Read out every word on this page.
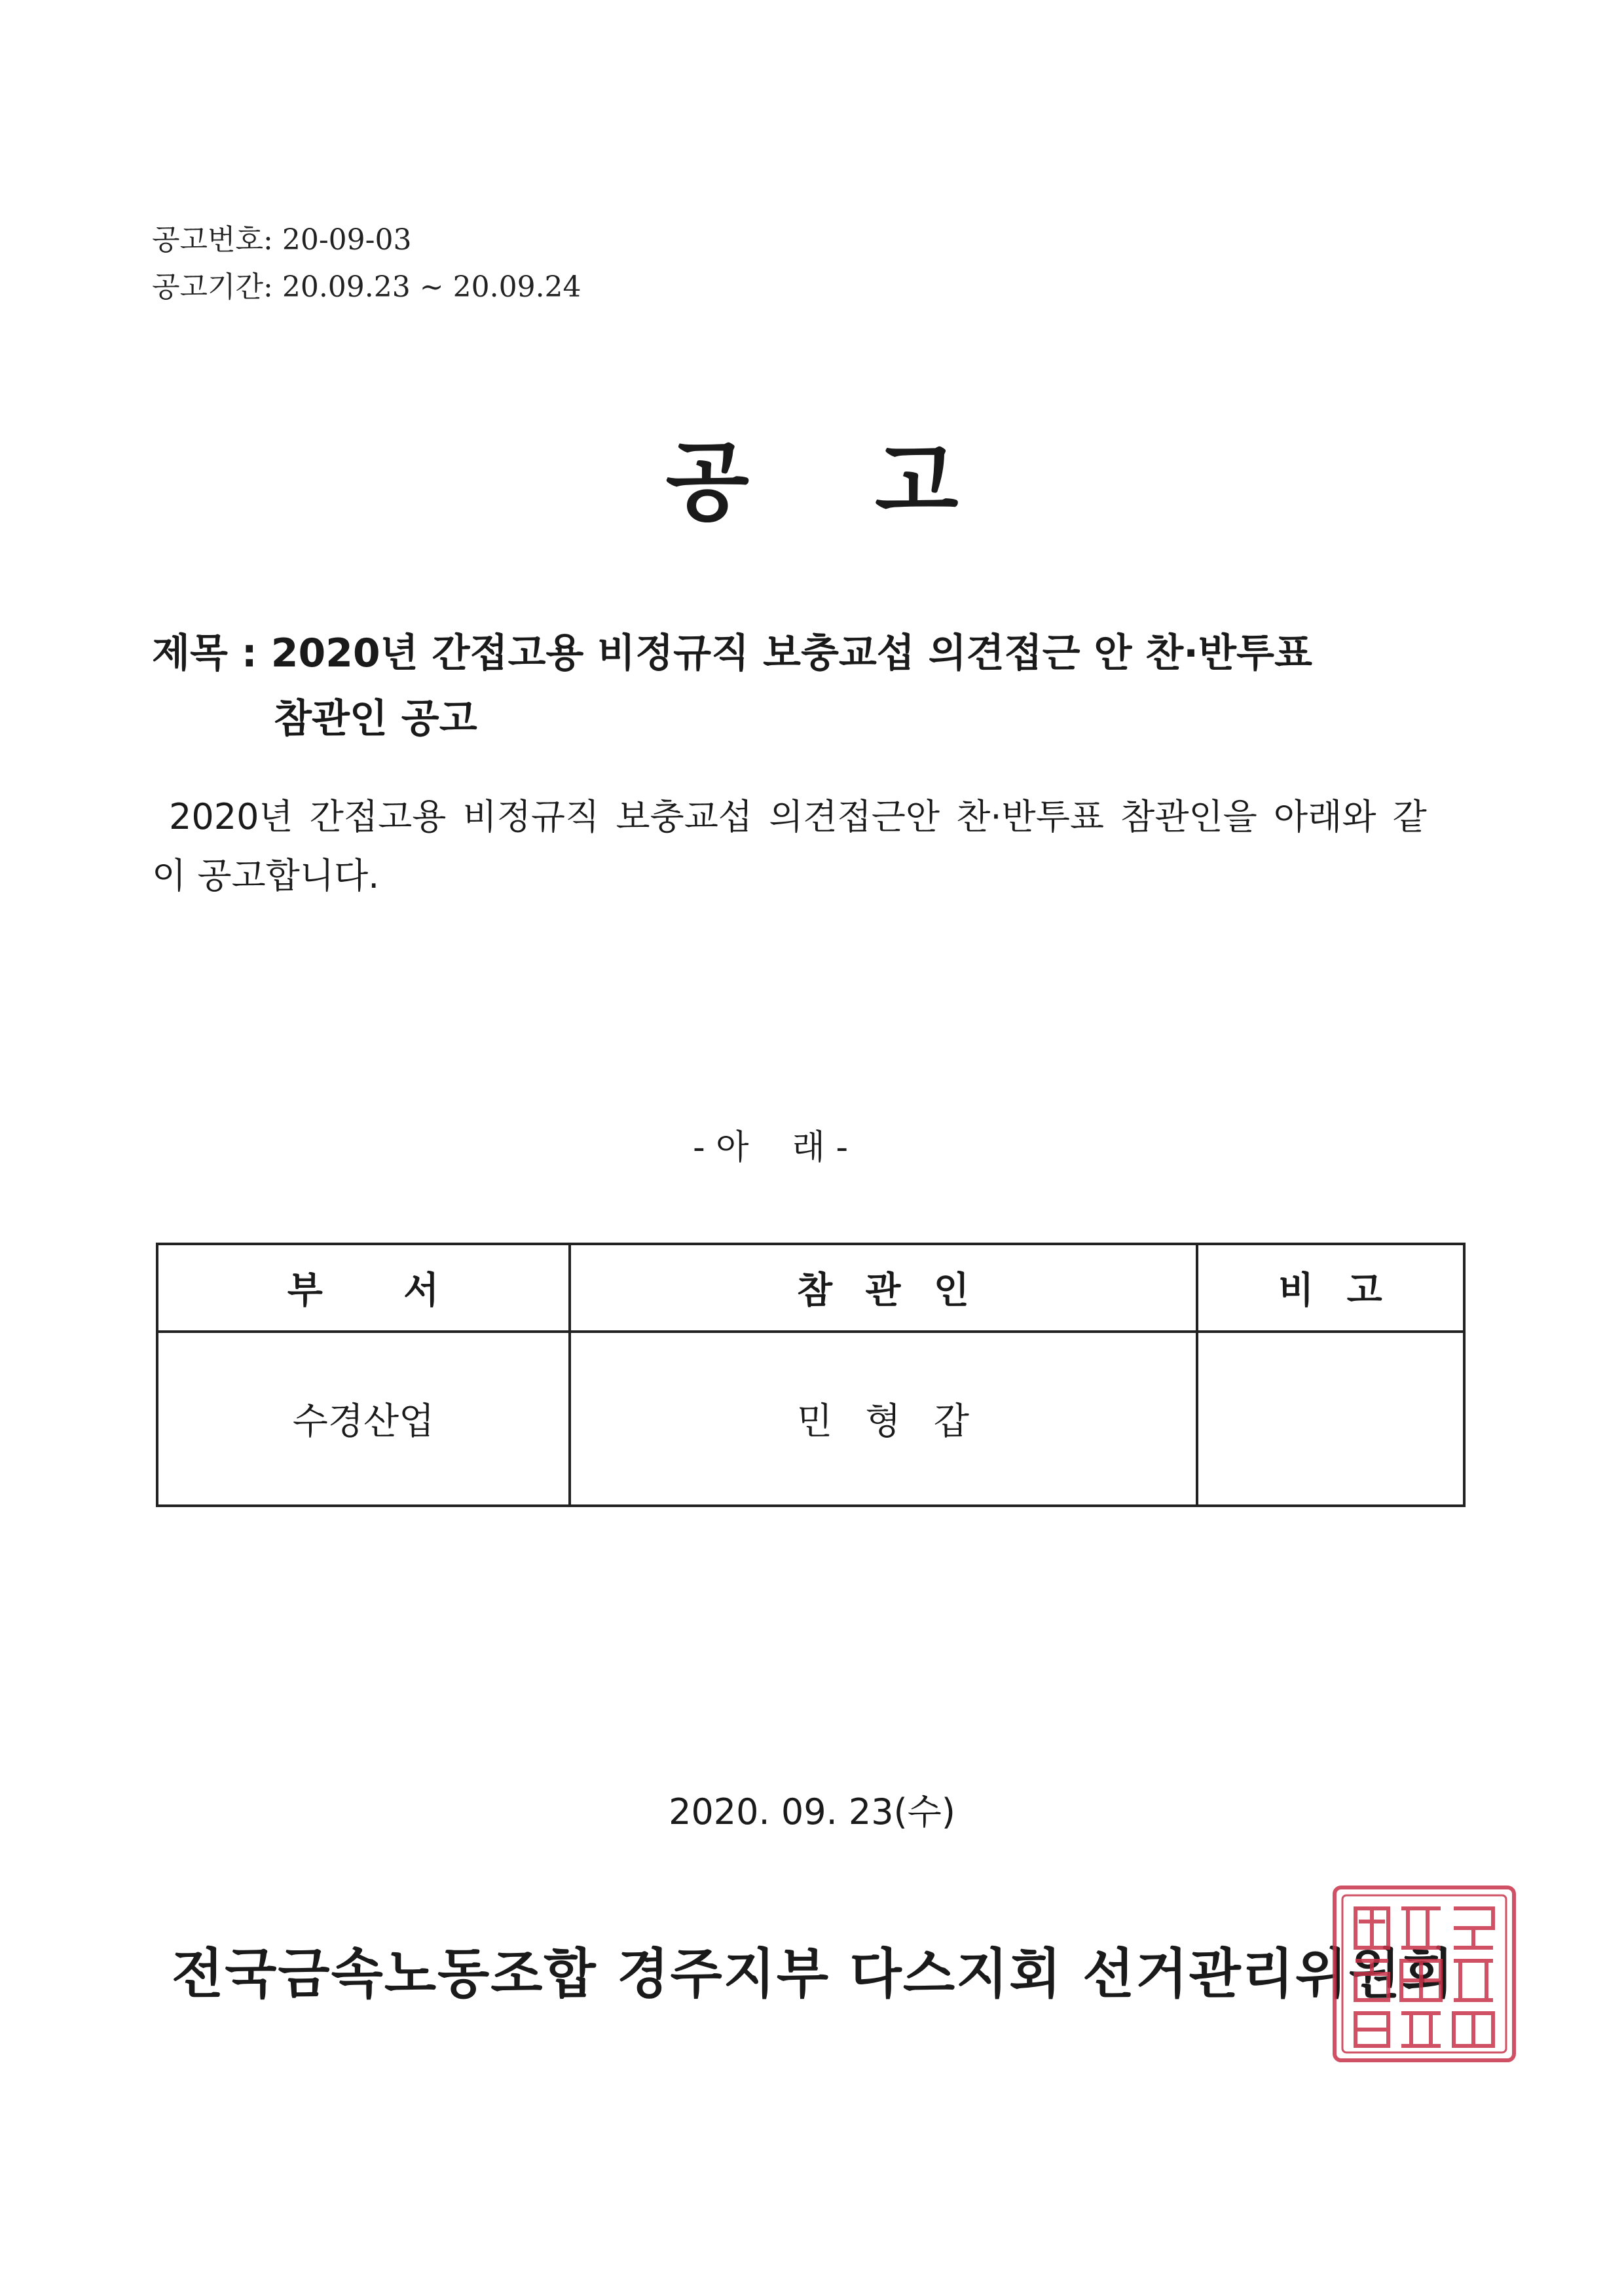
공고번호: 20-09-03
공고기간: 20.09.23 ~ 20.09.24
공 고
제목 : 2020년 간접고용 비정규직 보충교섭 의견접근 안 찬·반투표
참관인 공고
2020년 간접고용 비정규직 보충교섭 의견접근안 찬·반투표 참관인을 아래와 같
이 공고합니다.
- 아    래 -
부서	참관인	비고
수경산업	민형갑	
2020. 09. 23(수)
전국금속노동조합 경주지부 다스지회 선거관리위원회
